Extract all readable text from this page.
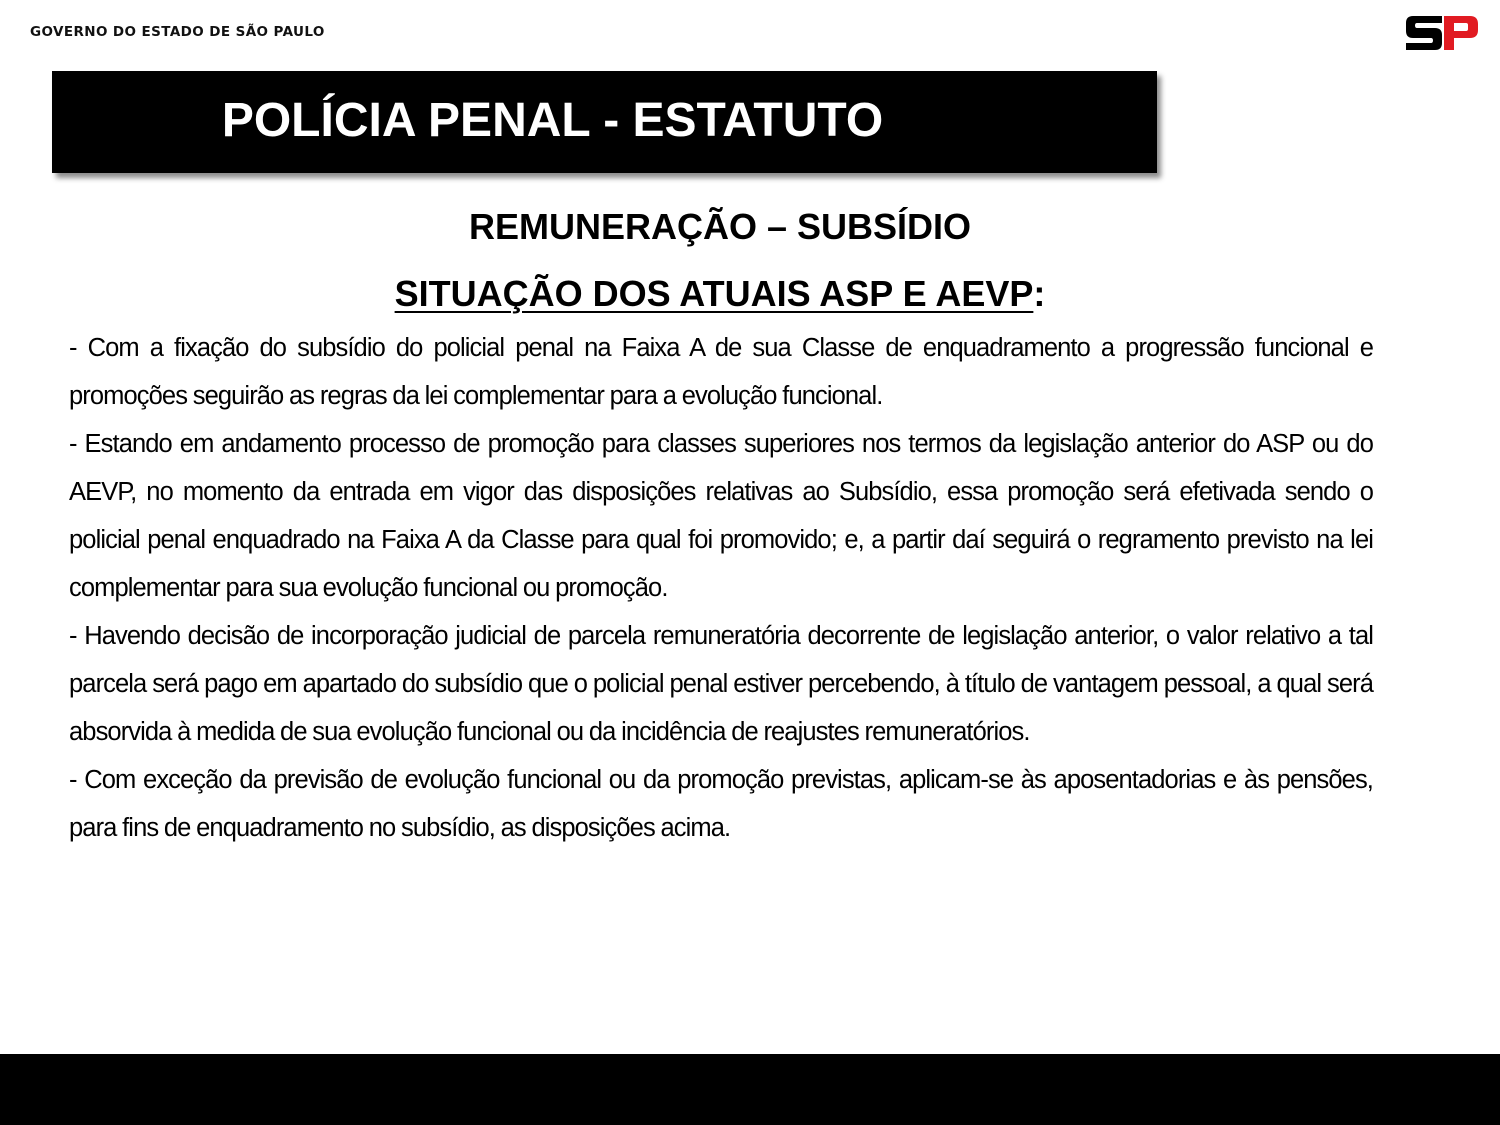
GOVERNO DO ESTADO DE SÃO PAULO
POLÍCIA PENAL - ESTATUTO
REMUNERAÇÃO – SUBSÍDIO
SITUAÇÃO DOS ATUAIS ASP E AEVP:

- Com a fixação do subsídio do policial penal na Faixa A de sua Classe de enquadramento a progressão funcional e promoções seguirão as regras da lei complementar para a evolução funcional.

- Estando em andamento processo de promoção para classes superiores nos termos da legislação anterior do ASP ou do AEVP, no momento da entrada em vigor das disposições relativas ao Subsídio, essa promoção será efetivada sendo o policial penal enquadrado na Faixa A da Classe para qual foi promovido; e, a partir daí seguirá o regramento previsto na lei complementar para sua evolução funcional ou promoção.

- Havendo decisão de incorporação judicial de parcela remuneratória decorrente de legislação anterior, o valor relativo a tal parcela será pago em apartado do subsídio que o policial penal estiver percebendo, à título de vantagem pessoal, a qual será absorvida à medida de sua evolução funcional ou da incidência de reajustes remuneratórios.

- Com exceção da previsão de evolução funcional ou da promoção previstas, aplicam-se às aposentadorias e às pensões, para fins de enquadramento no subsídio, as disposições acima.
